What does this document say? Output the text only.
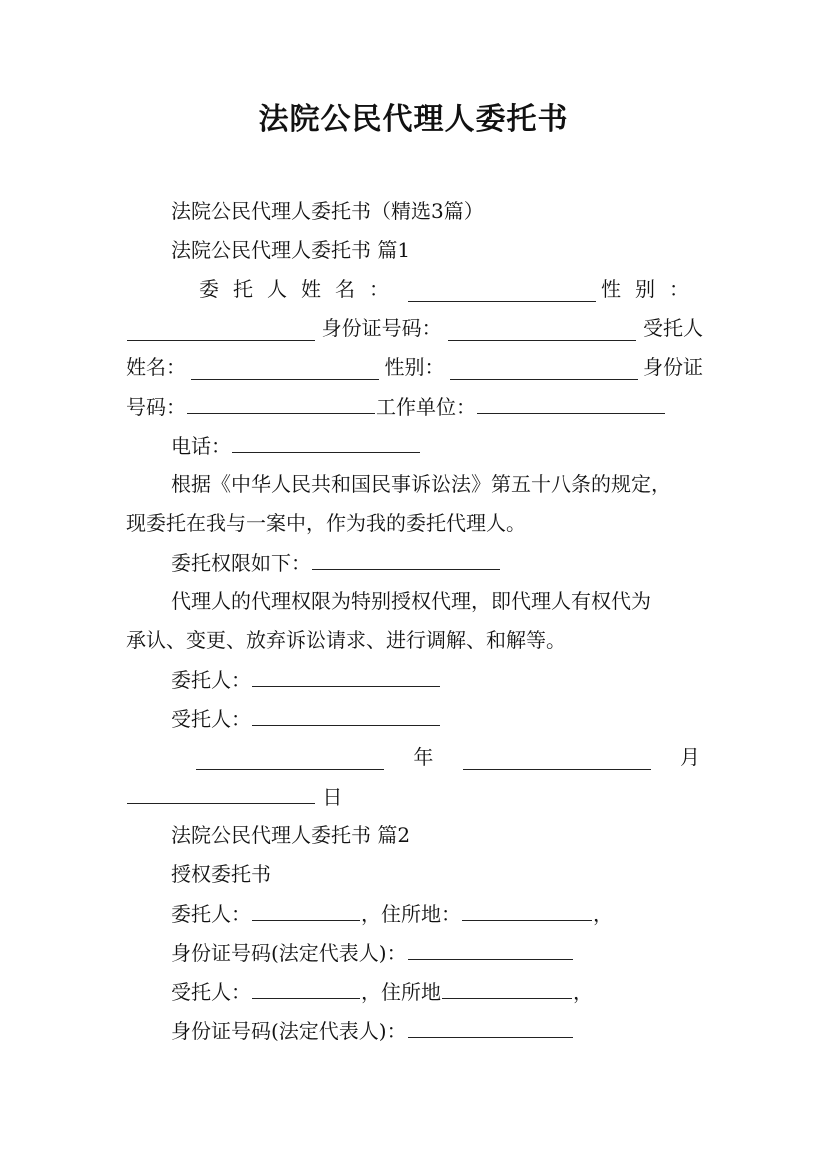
法院公民代理人委托书
法院公民代理人委托书（精选3篇）
法院公民代理人委托书 篇1
委托人姓名：	性别：
身份证号码：	受托人
姓名：	性别：	身份证
号码：	工作单位：
电话：
根据《中华人民共和国民事诉讼法》第五十八条的规定，
现委托在我与一案中，作为我的委托代理人。
委托权限如下：
代理人的代理权限为特别授权代理，即代理人有权代为
承认、变更、放弃诉讼请求、进行调解、和解等。
委托人：
受托人：
年	月
日
法院公民代理人委托书 篇2
授权委托书
委托人：	，住所地：	，
身份证号码(法定代表人)：
受托人：	，住所地	，
身份证号码(法定代表人)：
